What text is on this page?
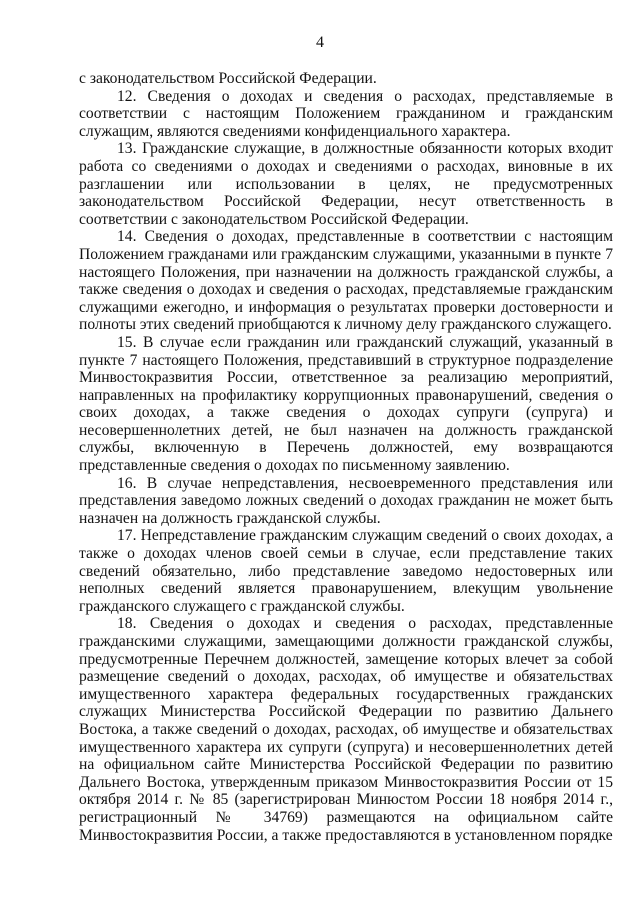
4

с законодательством Российской Федерации.

12. Сведения о доходах и сведения о расходах, представляемые в соответствии с настоящим Положением гражданином и гражданским служащим, являются сведениями конфиденциального характера.

13. Гражданские служащие, в должностные обязанности которых входит работа со сведениями о доходах и сведениями о расходах, виновные в их разглашении или использовании в целях, не предусмотренных законодательством Российской Федерации, несут ответственность в соответствии с законодательством Российской Федерации.

14. Сведения о доходах, представленные в соответствии с настоящим Положением гражданами или гражданским служащими, указанными в пункте 7 настоящего Положения, при назначении на должность гражданской службы, а также сведения о доходах и сведения о расходах, представляемые гражданским служащими ежегодно, и информация о результатах проверки достоверности и полноты этих сведений приобщаются к личному делу гражданского служащего.

15. В случае если гражданин или гражданский служащий, указанный в пункте 7 настоящего Положения, представивший в структурное подразделение Минвостокразвития России, ответственное за реализацию мероприятий, направленных на профилактику коррупционных правонарушений, сведения о своих доходах, а также сведения о доходах супруги (супруга) и несовершеннолетних детей, не был назначен на должность гражданской службы, включенную в Перечень должностей, ему возвращаются представленные сведения о доходах по письменному заявлению.

16. В случае непредставления, несвоевременного представления или представления заведомо ложных сведений о доходах гражданин не может быть назначен на должность гражданской службы.

17. Непредставление гражданским служащим сведений о своих доходах, а также о доходах членов своей семьи в случае, если представление таких сведений обязательно, либо представление заведомо недостоверных или неполных сведений является правонарушением, влекущим увольнение гражданского служащего с гражданской службы.

18. Сведения о доходах и сведения о расходах, представленные гражданскими служащими, замещающими должности гражданской службы, предусмотренные Перечнем должностей, замещение которых влечет за собой размещение сведений о доходах, расходах, об имуществе и обязательствах имущественного характера федеральных государственных гражданских служащих Министерства Российской Федерации по развитию Дальнего Востока, а также сведений о доходах, расходах, об имуществе и обязательствах имущественного характера их супруги (супруга) и несовершеннолетних детей на официальном сайте Министерства Российской Федерации по развитию Дальнего Востока, утвержденным приказом Минвостокразвития России от 15 октября 2014 г. № 85 (зарегистрирован Минюстом России 18 ноября 2014 г., регистрационный № 34769) размещаются на официальном сайте Минвостокразвития России, а также предоставляются в установленном порядке
